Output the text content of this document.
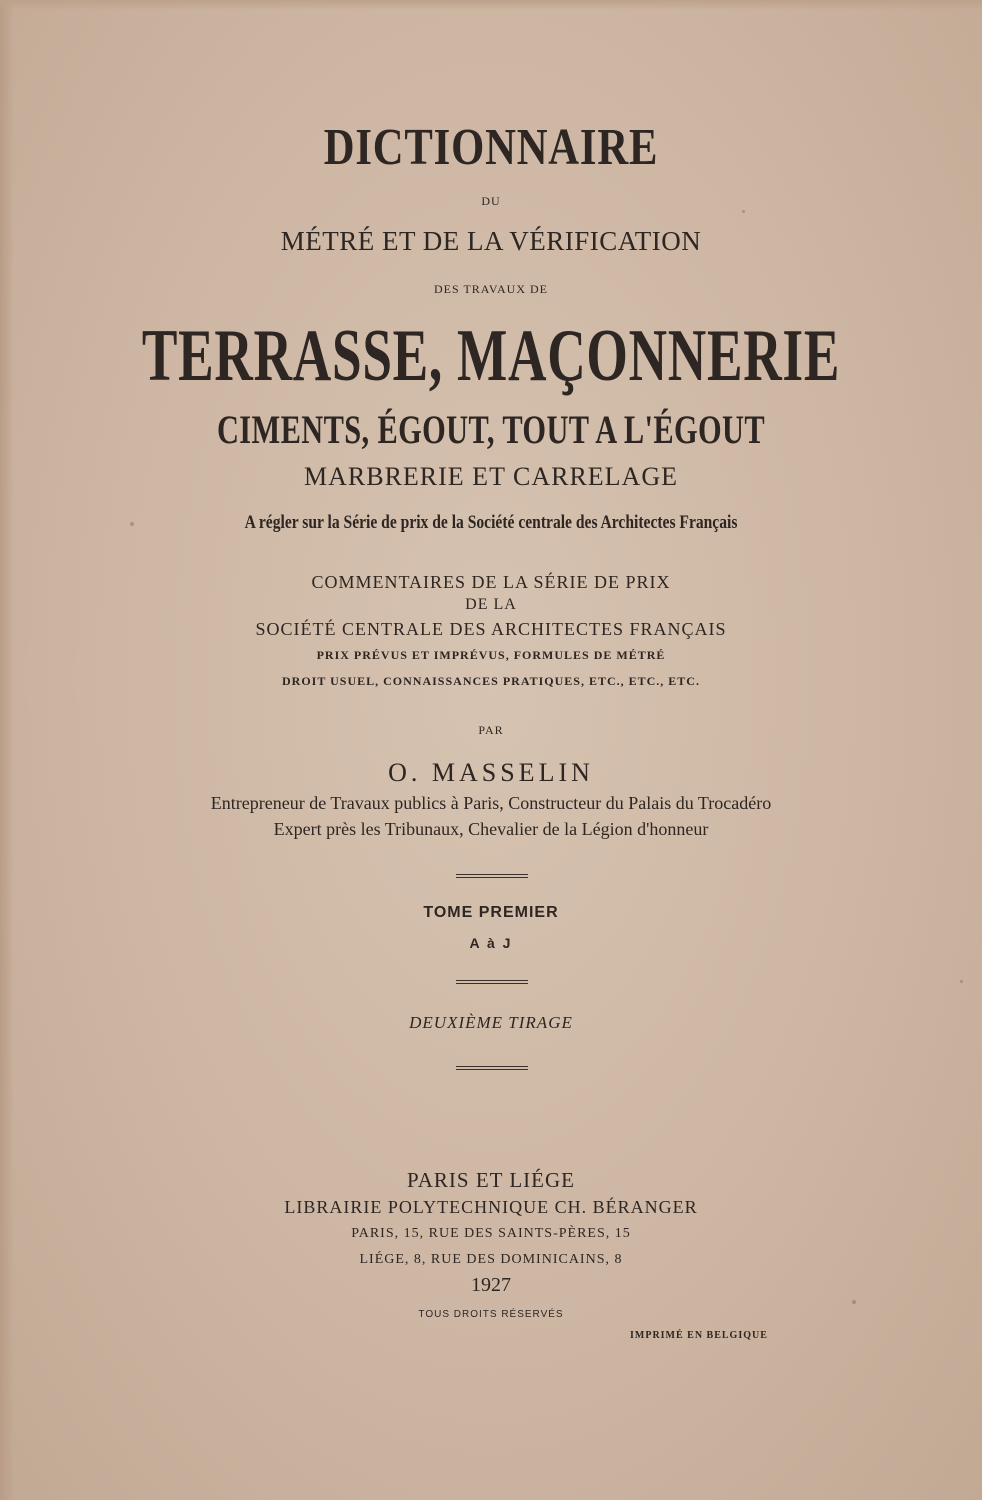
DICTIONNAIRE
DU
MÉTRÉ ET DE LA VÉRIFICATION
DES TRAVAUX DE
TERRASSE, MAÇONNERIE
CIMENTS, ÉGOUT, TOUT A L'ÉGOUT
MARBRERIE ET CARRELAGE
A régler sur la Série de prix de la Société centrale des Architectes Français
COMMENTAIRES DE LA SÉRIE DE PRIX
DE LA
SOCIÉTÉ CENTRALE DES ARCHITECTES FRANÇAIS
PRIX PRÉVUS ET IMPRÉVUS, FORMULES DE MÉTRÉ
DROIT USUEL, CONNAISSANCES PRATIQUES, ETC., ETC., ETC.
PAR
O. MASSELIN
Entrepreneur de Travaux publics à Paris, Constructeur du Palais du Trocadéro
Expert près les Tribunaux, Chevalier de la Légion d'honneur
TOME PREMIER
A à J
DEUXIÈME TIRAGE
PARIS ET LIÉGE
LIBRAIRIE POLYTECHNIQUE CH. BÉRANGER
PARIS, 15, RUE DES SAINTS-PÈRES, 15
LIÉGE, 8, RUE DES DOMINICAINS, 8
1927
TOUS DROITS RÉSERVÉS
IMPRIMÉ EN BELGIQUE
